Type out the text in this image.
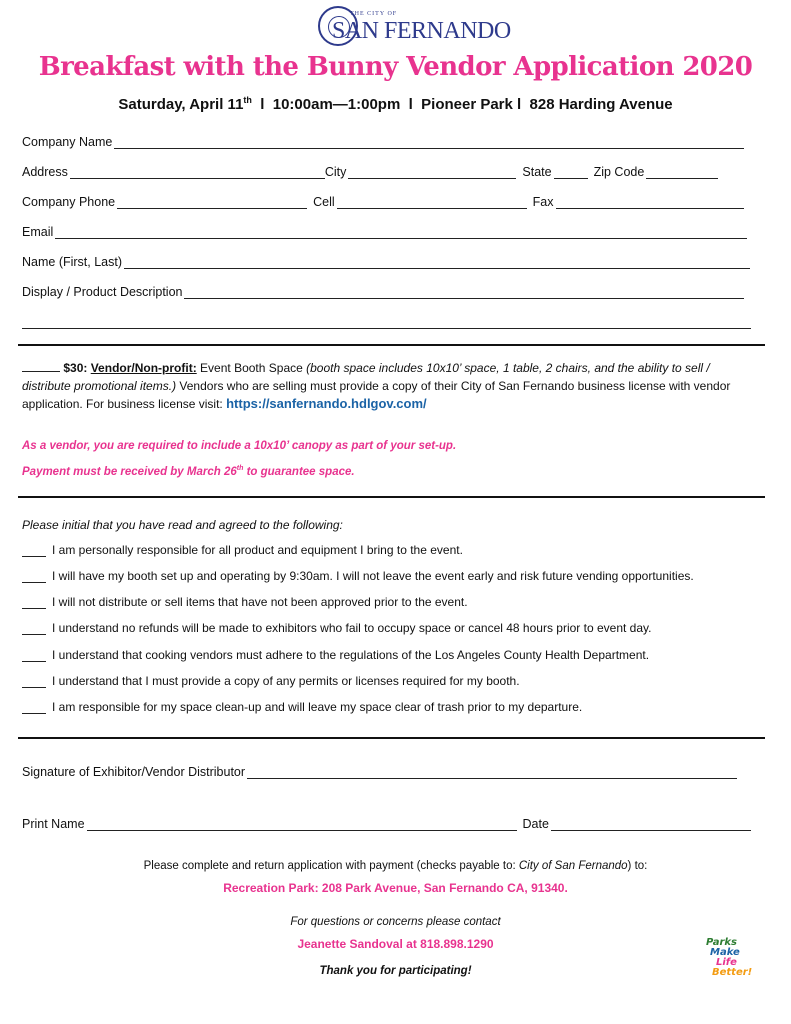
THE CITY OF
SAN FERNANDO
Breakfast with the Bunny Vendor Application 2020
Saturday, April 11th  l  10:00am—1:00pm  l  Pioneer Park l  828 Harding Avenue
Company Name
Address	City	State	Zip Code
Company Phone	Cell	Fax
Email
Name (First, Last)
Display / Product Description
$30: Vendor/Non-profit: Event Booth Space (booth space includes 10x10’ space, 1 table, 2 chairs, and the ability to sell / distribute promotional items.) Vendors who are selling must provide a copy of their City of San Fernando business license with vendor application. For business license visit: https://sanfernando.hdlgov.com/
As a vendor, you are required to include a 10x10’ canopy as part of your set-up.
Payment must be received by March 26th to guarantee space.
Please initial that you have read and agreed to the following:
I am personally responsible for all product and equipment I bring to the event.
I will have my booth set up and operating by 9:30am. I will not leave the event early and risk future vending opportunities.
I will not distribute or sell items that have not been approved prior to the event.
I understand no refunds will be made to exhibitors who fail to occupy space or cancel 48 hours prior to event day.
I understand that cooking vendors must adhere to the regulations of the Los Angeles County Health Department.
I understand that I must provide a copy of any permits or licenses required for my booth.
I am responsible for my space clean-up and will leave my space clear of trash prior to my departure.
Signature of Exhibitor/Vendor Distributor
Print Name	Date
Please complete and return application with payment (checks payable to: City of San Fernando) to:
Recreation Park: 208 Park Avenue, San Fernando CA, 91340.
For questions or concerns please contact
Jeanette Sandoval at 818.898.1290
Thank you for participating!
Parks
Make
Life
Better!
